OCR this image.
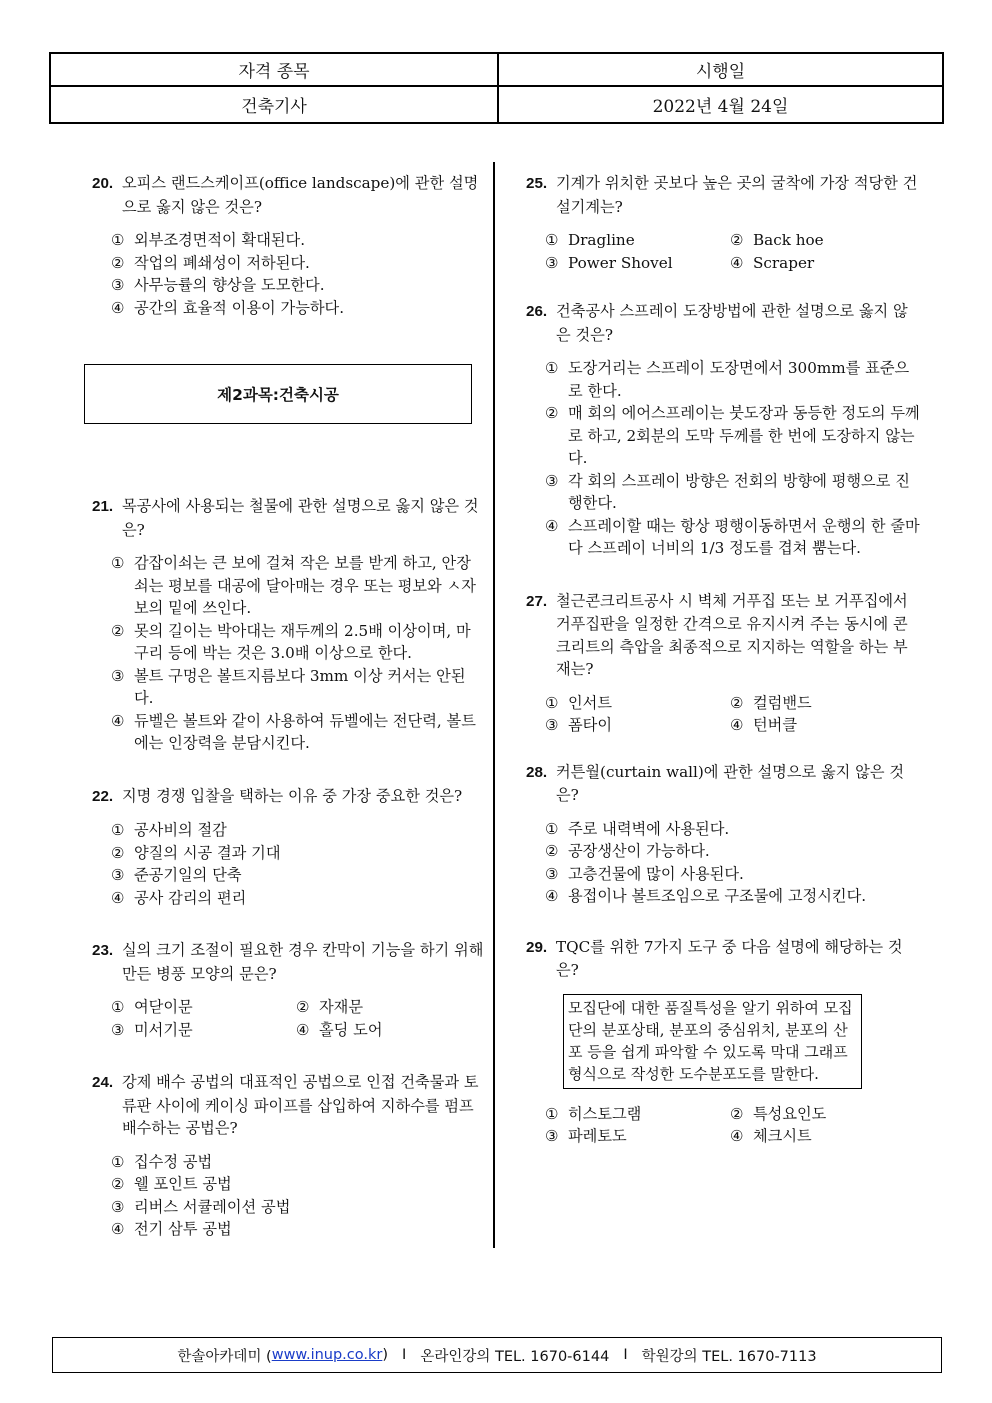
자격 종목	시행일
건축기사	2022년 4월 24일
제2과목:건축시공
20. 오피스 랜드스케이프(office landscape)에 관한 설명으로 옳지 않은 것은?
① 외부조경면적이 확대된다.
② 작업의 폐쇄성이 저하된다.
③ 사무능률의 향상을 도모한다.
④ 공간의 효율적 이용이 가능하다.
21. 목공사에 사용되는 철물에 관한 설명으로 옳지 않은 것은?
① 감잡이쇠는 큰 보에 걸쳐 작은 보를 받게 하고, 안장쇠는 평보를 대공에 달아매는 경우 또는 평보와 ㅅ자보의 밑에 쓰인다.
② 못의 길이는 박아대는 재두께의 2.5배 이상이며, 마구리 등에 박는 것은 3.0배 이상으로 한다.
③ 볼트 구멍은 볼트지름보다 3mm 이상 커서는 안된다.
④ 듀벨은 볼트와 같이 사용하여 듀벨에는 전단력, 볼트에는 인장력을 분담시킨다.
22. 지명 경쟁 입찰을 택하는 이유 중 가장 중요한 것은?
① 공사비의 절감
② 양질의 시공 결과 기대
③ 준공기일의 단축
④ 공사 감리의 편리
23. 실의 크기 조절이 필요한 경우 칸막이 기능을 하기 위해 만든 병풍 모양의 문은?
① 여닫이문	② 자재문
③ 미서기문	④ 홀딩 도어
24. 강제 배수 공법의 대표적인 공법으로 인접 건축물과 토류판 사이에 케이싱 파이프를 삽입하여 지하수를 펌프 배수하는 공법은?
① 집수정 공법
② 웰 포인트 공법
③ 리버스 서큘레이션 공법
④ 전기 삼투 공법
25. 기계가 위치한 곳보다 높은 곳의 굴착에 가장 적당한 건설기계는?
① Dragline	② Back hoe
③ Power Shovel	④ Scraper
26. 건축공사 스프레이 도장방법에 관한 설명으로 옳지 않은 것은?
① 도장거리는 스프레이 도장면에서 300mm를 표준으로 한다.
② 매 회의 에어스프레이는 붓도장과 동등한 정도의 두께로 하고, 2회분의 도막 두께를 한 번에 도장하지 않는다.
③ 각 회의 스프레이 방향은 전회의 방향에 평행으로 진행한다.
④ 스프레이할 때는 항상 평행이동하면서 운행의 한 줄마다 스프레이 너비의 1/3 정도를 겹쳐 뿜는다.
27. 철근콘크리트공사 시 벽체 거푸집 또는 보 거푸집에서 거푸집판을 일정한 간격으로 유지시켜 주는 동시에 콘크리트의 측압을 최종적으로 지지하는 역할을 하는 부재는?
① 인서트	② 컬럼밴드
③ 폼타이	④ 턴버클
28. 커튼월(curtain wall)에 관한 설명으로 옳지 않은 것은?
① 주로 내력벽에 사용된다.
② 공장생산이 가능하다.
③ 고층건물에 많이 사용된다.
④ 용접이나 볼트조임으로 구조물에 고정시킨다.
29. TQC를 위한 7가지 도구 중 다음 설명에 해당하는 것은?
모집단에 대한 품질특성을 알기 위하여 모집단의 분포상태, 분포의 중심위치, 분포의 산포 등을 쉽게 파악할 수 있도록 막대 그래프 형식으로 작성한 도수분포도를 말한다.
① 히스토그램	② 특성요인도
③ 파레토도	④ 체크시트
한솔아카데미 ( www.inup.co.kr ) I 온라인강의 TEL. 1670-6144 I 학원강의 TEL. 1670-7113
